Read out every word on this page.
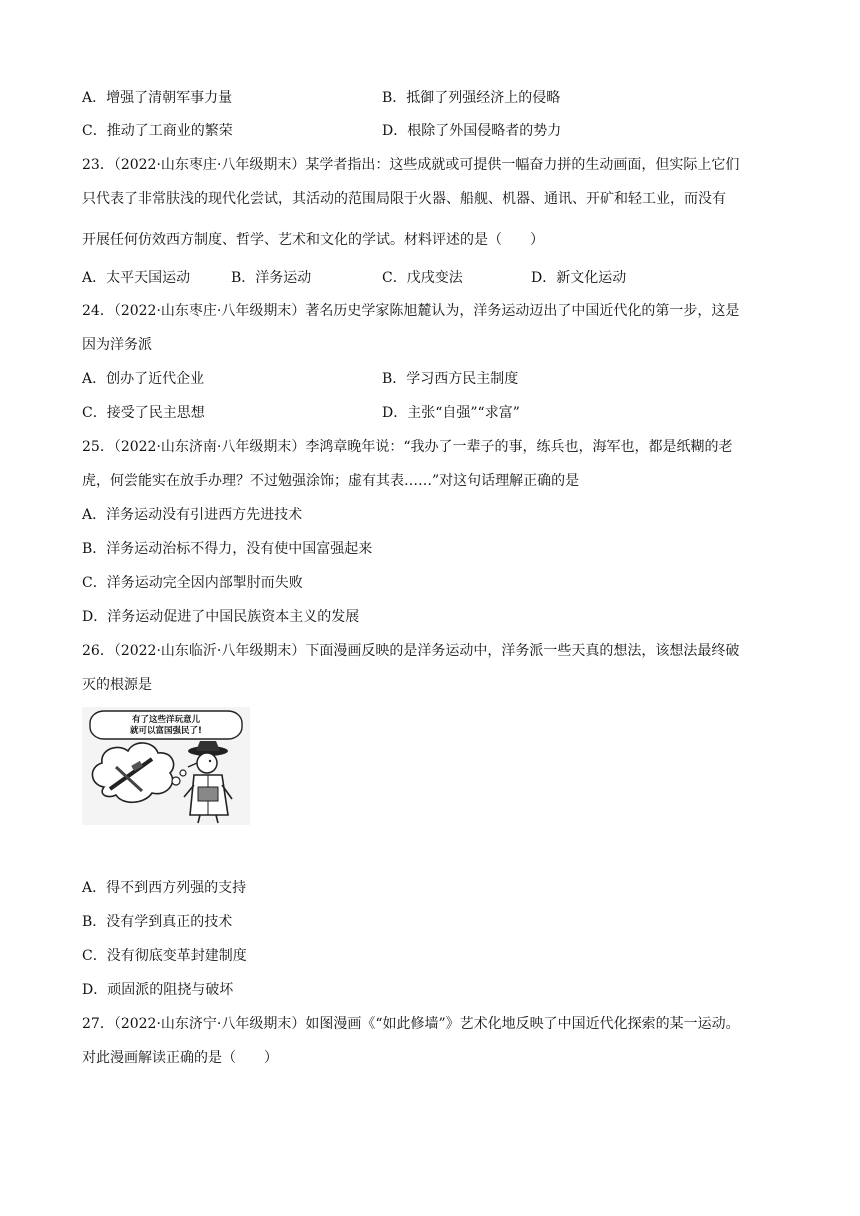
A．增强了清朝军事力量	B．抵御了列强经济上的侵略
C．推动了工商业的繁荣	D．根除了外国侵略者的势力
23．（2022·山东枣庄·八年级期末）某学者指出：这些成就或可提供一幅奋力拼的生动画面，但实际上它们
只代表了非常肤浅的现代化尝试，其活动的范围局限于火器、船舰、机器、通讯、开矿和轻工业，而没有
开展任何仿效西方制度、哲学、艺术和文化的学试。材料评述的是（　　）
A．太平天国运动	B．洋务运动	C．戊戌变法	D．新文化运动
24．（2022·山东枣庄·八年级期末）著名历史学家陈旭麓认为，洋务运动迈出了中国近代化的第一步，这是
因为洋务派
A．创办了近代企业	B．学习西方民主制度
C．接受了民主思想	D．主张“自强”“求富”
25．（2022·山东济南·八年级期末）李鸿章晚年说：“我办了一辈子的事，练兵也，海军也，都是纸糊的老
虎，何尝能实在放手办理？不过勉强涂饰；虚有其表……”对这句话理解正确的是
A．洋务运动没有引进西方先进技术
B．洋务运动治标不得力，没有使中国富强起来
C．洋务运动完全因内部掣肘而失败
D．洋务运动促进了中国民族资本主义的发展
26．（2022·山东临沂·八年级期末）下面漫画反映的是洋务运动中，洋务派一些天真的想法，该想法最终破
灭的根源是
有了这些洋玩意儿
就可以富国强民了!
A．得不到西方列强的支持
B．没有学到真正的技术
C．没有彻底变革封建制度
D．顽固派的阻挠与破坏
27．（2022·山东济宁·八年级期末）如图漫画《“如此修墙”》艺术化地反映了中国近代化探索的某一运动。
对此漫画解读正确的是（　　）
